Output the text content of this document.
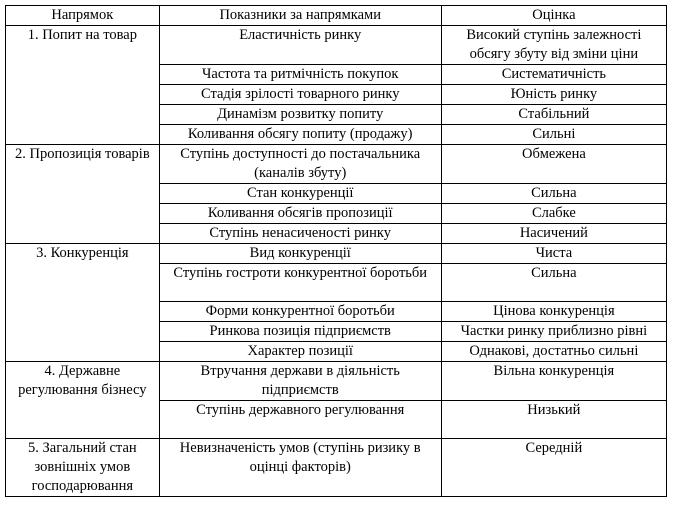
Напрямок	Показники за напрямками	Оцінка
1. Попит на товар	Еластичність ринку	Високий ступінь залежності обсягу збуту від зміни ціни
	Частота та ритмічність покупок	Систематичність
	Стадія зрілості товарного ринку	Юність ринку
	Динамізм розвитку попиту	Стабільний
	Коливання обсягу попиту (продажу)	Сильні
2. Пропозиція товарів	Ступінь доступності до постачальника (каналів збуту)	Обмежена
	Стан конкуренції	Сильна
	Коливання обсягів пропозиції	Слабке
	Ступінь ненасиченості ринку	Насичений
3. Конкуренція	Вид конкуренції	Чиста
	Ступінь гостроти конкурентної боротьби	Сильна
	Форми конкурентної боротьби	Цінова конкуренція
	Ринкова позиція підприємств	Частки ринку приблизно рівні
	Характер позиції	Однакові, достатньо сильні
4. Державне регулювання бізнесу	Втручання держави в діяльність підприємств	Вільна конкуренція
	Ступінь державного регулювання	Низький
5. Загальний стан зовнішніх умов господарювання	Невизначеність умов (ступінь ризику в оцінці факторів)	Середній
